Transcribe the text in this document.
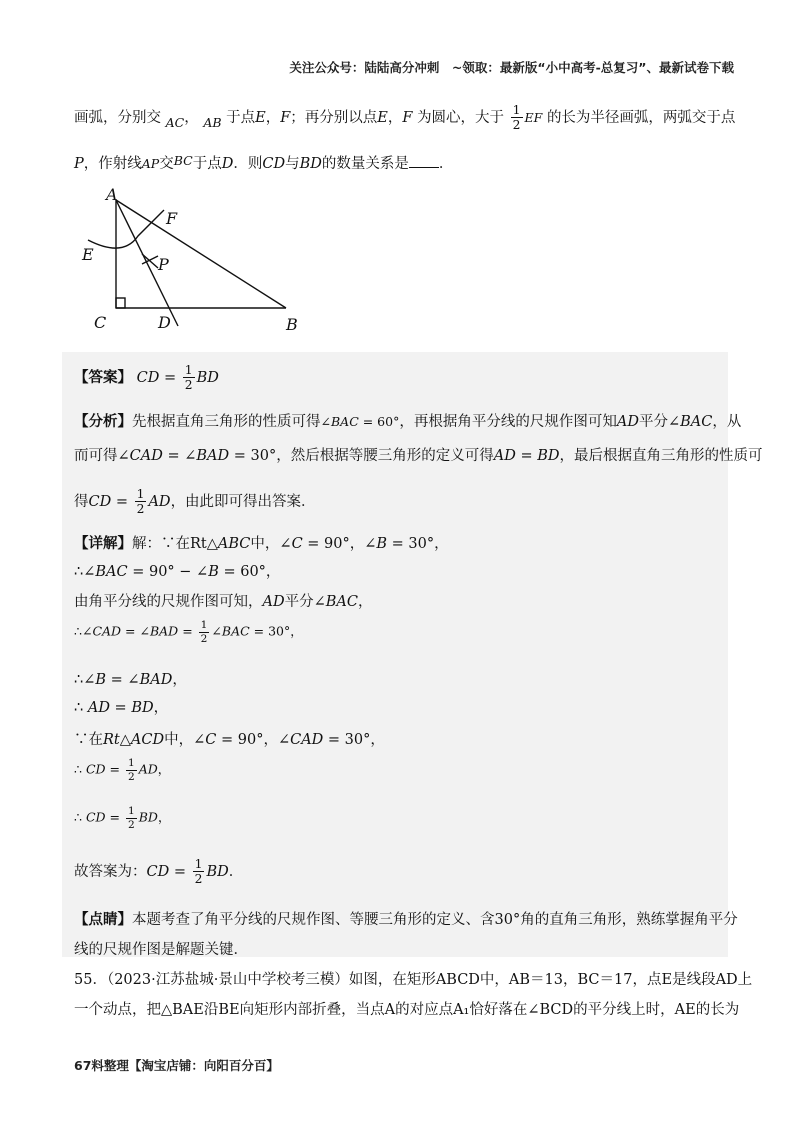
关注公众号：陆陆高分冲刺　~领取：最新版“小中高考-总复习”、最新试卷下载
画弧，分别交 AC， AB 于点E，F；再分别以点E，F 为圆心，大于 $\frac{1}{2}$ EF 的长为半径画弧，两弧交于点
P，作射线AP交BC于点D．则CD与BD的数量关系是 ．
A
B
C	D
E
F
P
【答案】 CD = $\frac{1}{2}$ BD
【分析】先根据直角三角形的性质可得∠BAC = 60°，再根据角平分线的尺规作图可知AD平分∠BAC，从
而可得∠CAD = ∠BAD = 30°，然后根据等腰三角形的定义可得AD = BD，最后根据直角三角形的性质可
得CD = $\frac{1}{2}$ AD，由此即可得出答案．
【详解】解：∵在Rt△ABC中，∠C = 90°，∠B = 30°，
∴∠BAC = 90° − ∠B = 60°，
由角平分线的尺规作图可知，AD平分∠BAC，
∴∠CAD = ∠BAD = $\frac{1}{2}$ ∠BAC = 30°，
∴∠B = ∠BAD，
∴ AD = BD，
∵在Rt△ACD中，∠C = 90°，∠CAD = 30°，
∴ CD = $\frac{1}{2}$ AD，
∴ CD = $\frac{1}{2}$ BD，
故答案为：CD = $\frac{1}{2}$ BD．
【点睛】本题考查了角平分线的尺规作图、等腰三角形的定义、含30°角的直角三角形，熟练掌握角平分
线的尺规作图是解题关键．
55．（2023·江苏盐城·景山中学校考三模）如图，在矩形ABCD中，AB＝13，BC＝17，点E是线段AD上
一个动点，把△BAE沿BE向矩形内部折叠，当点A的对应点A₁恰好落在∠BCD的平分线上时，AE的长为
67料整理【淘宝店铺：向阳百分百】
